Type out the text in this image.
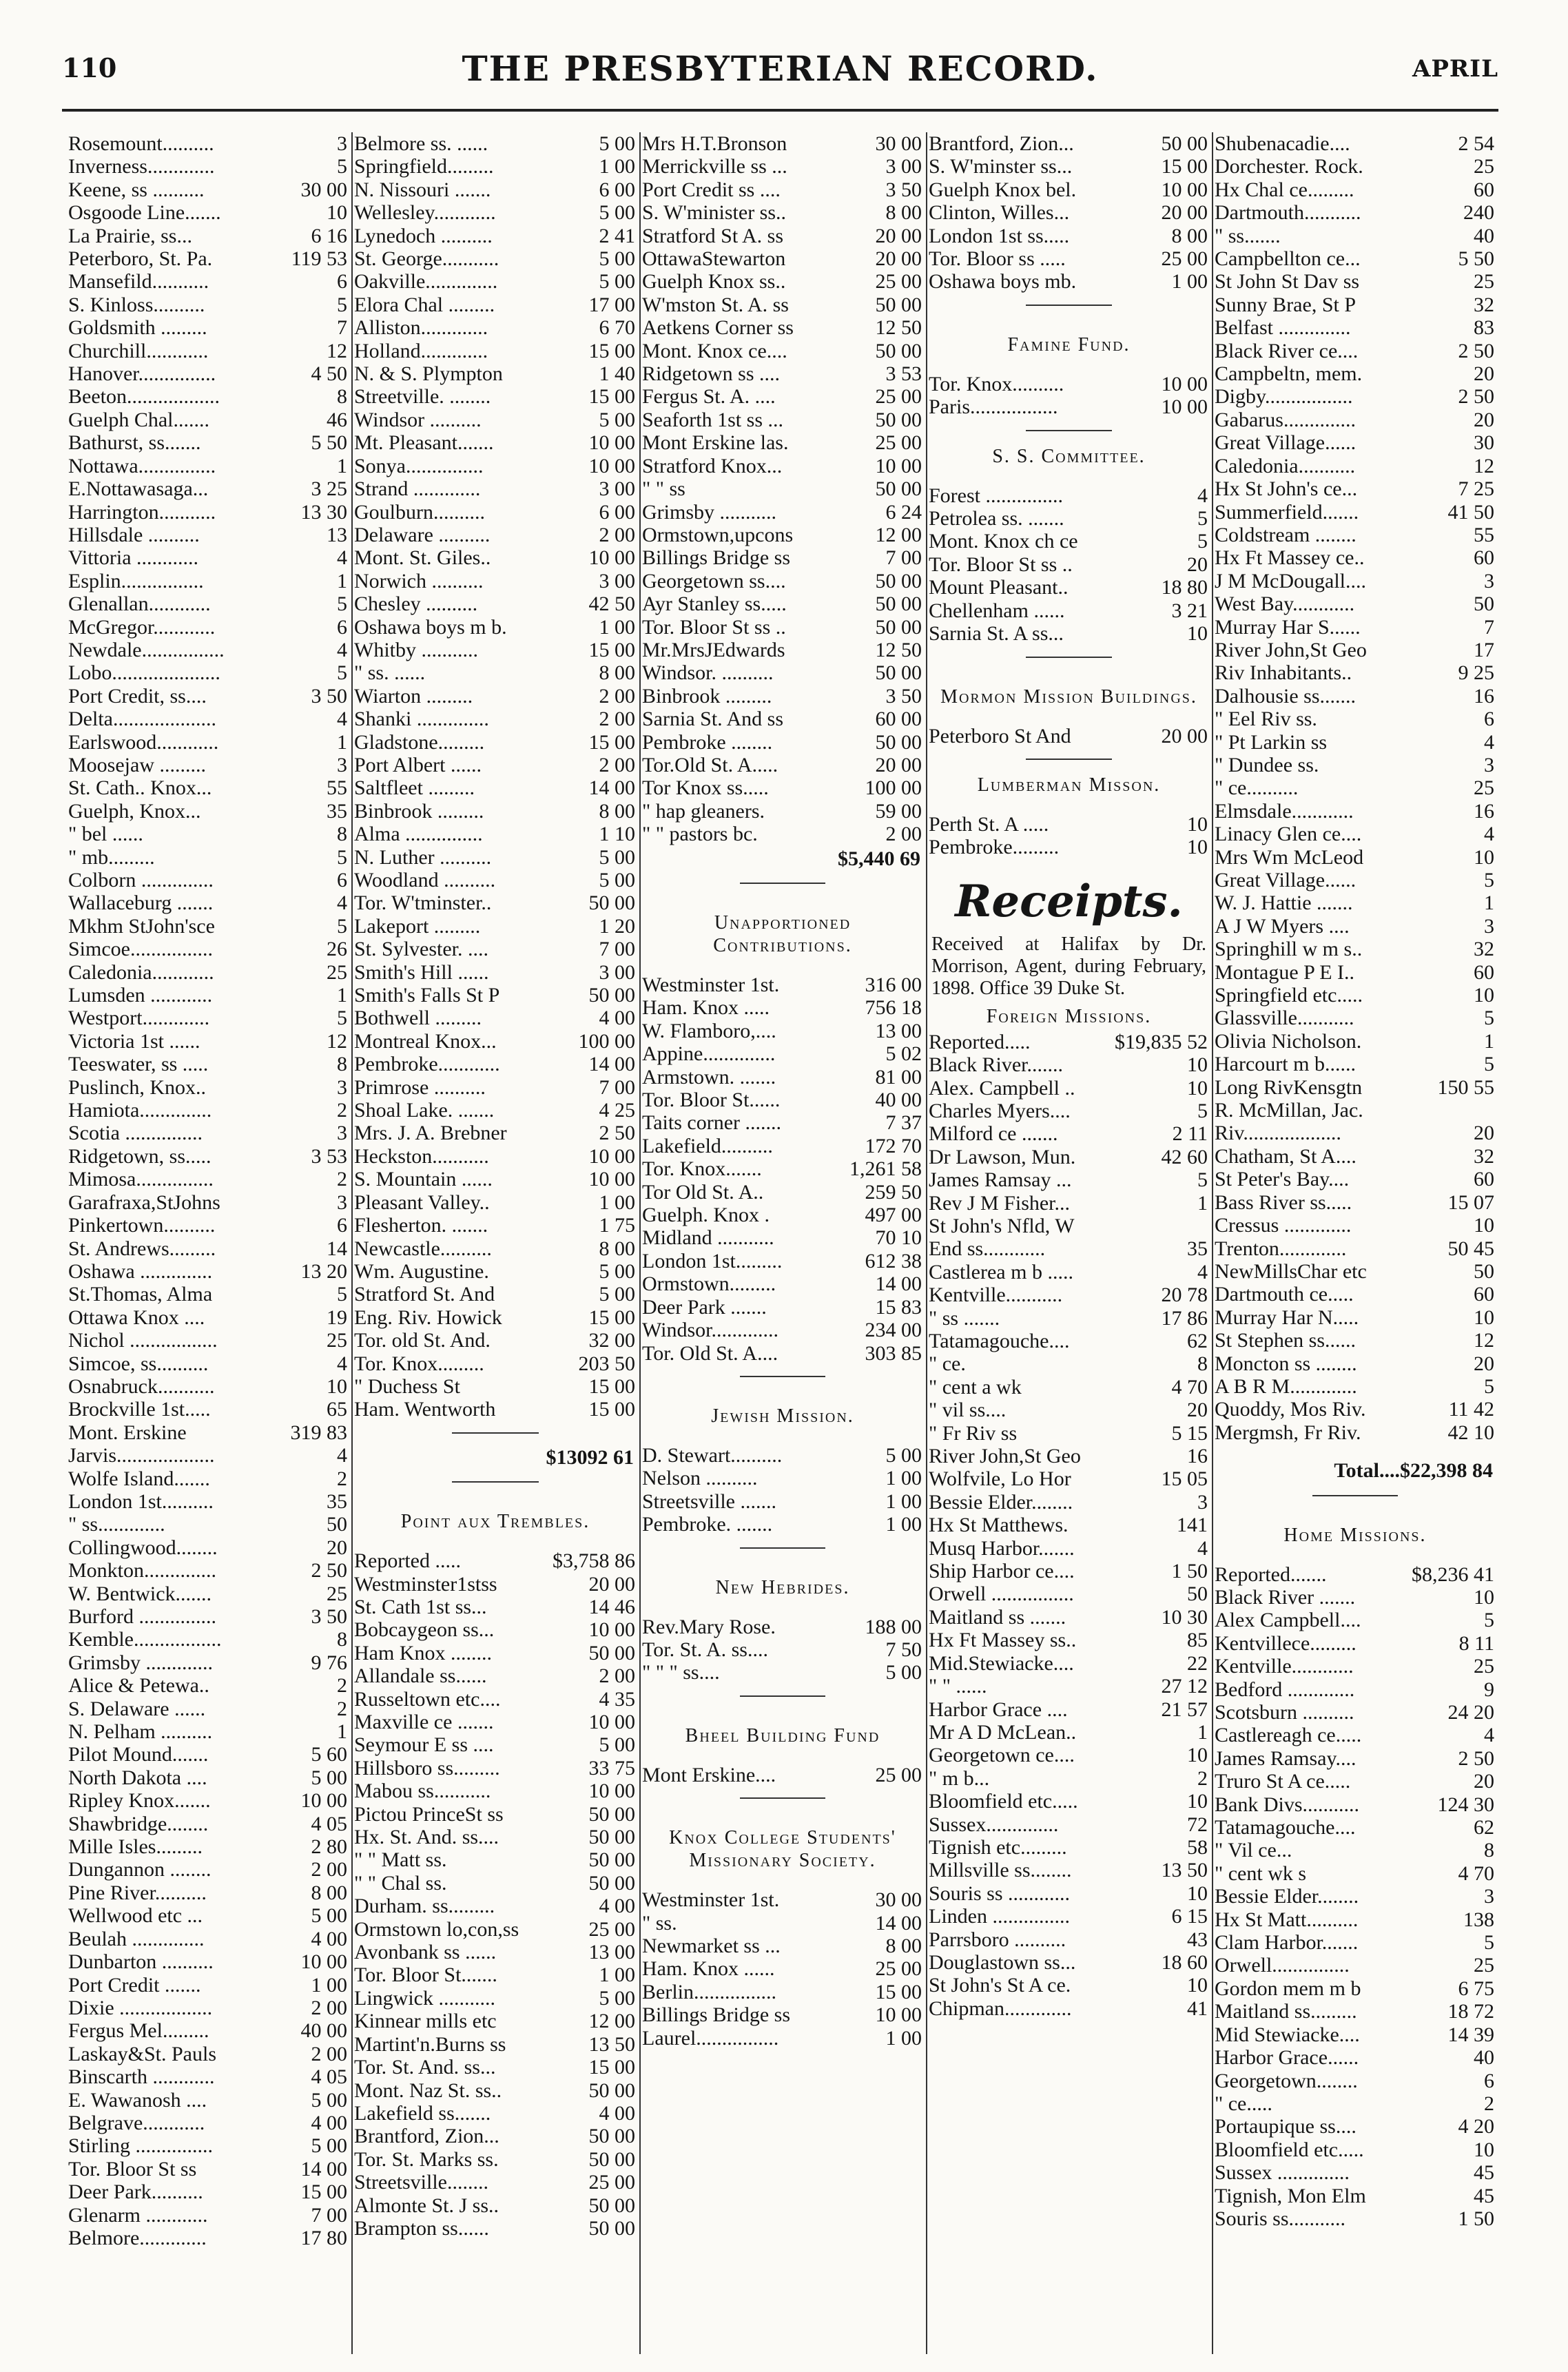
110	THE PRESBYTERIAN RECORD.	APRIL
Rosemount..........	3
Inverness.............	5
Keene, ss ..........	30 00
Osgoode Line.......	10
La Prairie, ss...	6 16
Peterboro, St. Pa.	119 53
Mansefild...........	6
S. Kinloss..........	5
Goldsmith .........	7
Churchill............	12
Hanover...............	4 50
Beeton..................	8
Guelph Chal.......	46
Bathurst, ss.......	5 50
Nottawa...............	1
E.Nottawasaga...	3 25
Harrington...........	13 30
Hillsdale ..........	13
Vittoria ............	4
Esplin................	1
Glenallan............	5
McGregor............	6
Newdale................	4
Lobo.....................	5
Port Credit, ss....	3 50
Delta....................	4
Earlswood............	1
Moosejaw .........	3
St. Cath.. Knox...	55
Guelph, Knox...	35
" bel ......	8
" mb.........	5
Colborn ..............	6
Wallaceburg .......	4
Mkhm StJohn'sce	5
Simcoe................	26
Caledonia............	25
Lumsden ............	1
Westport.............	5
Victoria 1st ......	12
Teeswater, ss .....	8
Puslinch, Knox..	3
Hamiota..............	2
Scotia ...............	3
Ridgetown, ss.....	3 53
Mimosa...............	2
Garafraxa,StJohns	3
Pinkertown..........	6
St. Andrews.........	14
Oshawa ..............	13 20
St.Thomas, Alma	5
Ottawa Knox ....	19
Nichol .................	25
Simcoe, ss..........	4
Osnabruck...........	10
Brockville 1st.....	65
Mont. Erskine	319 83
Jarvis...................	4
Wolfe Island.......	2
London 1st..........	35
" ss.............	50
Collingwood........	20
Monkton..............	2 50
W. Bentwick.......	25
Burford ...............	3 50
Kemble.................	8
Grimsby .............	9 76
Alice & Petewa..	2
S. Delaware ......	2
N. Pelham ..........	1
Pilot Mound.......	5 60
North Dakota ....	5 00
Ripley Knox.......	10 00
Shawbridge........	4 05
Mille Isles.........	2 80
Dungannon ........	2 00
Pine River..........	8 00
Wellwood etc ...	5 00
Beulah ..............	4 00
Dunbarton ..........	10 00
Port Credit .......	1 00
Dixie ..................	2 00
Fergus Mel.........	40 00
Laskay&St. Pauls	2 00
Binscarth ............	4 05
E. Wawanosh ....	5 00
Belgrave............	4 00
Stirling ...............	5 00
Tor. Bloor St ss	14 00
Deer Park..........	15 00
Glenarm ............	7 00
Belmore.............	17 80
Belmore ss. ......	5 00
Springfield.........	1 00
N. Nissouri .......	6 00
Wellesley............	5 00
Lynedoch ..........	2 41
St. George...........	5 00
Oakville..............	5 00
Elora Chal .........	17 00
Alliston.............	6 70
Holland.............	15 00
N. & S. Plympton	1 40
Streetville. ........	15 00
Windsor ..........	5 00
Mt. Pleasant.......	10 00
Sonya...............	10 00
Strand .............	3 00
Goulburn..........	6 00
Delaware ..........	2 00
Mont. St. Giles..	10 00
Norwich ..........	3 00
Chesley ..........	42 50
Oshawa boys m b.	1 00
Whitby ...........	15 00
" ss. ......	8 00
Wiarton .........	2 00
Shanki ..............	2 00
Gladstone.........	15 00
Port Albert ......	2 00
Saltfleet .........	14 00
Binbrook .........	8 00
Alma ...............	1 10
N. Luther ..........	5 00
Woodland ..........	5 00
Tor. W'tminster..	50 00
Lakeport .........	1 20
St. Sylvester. ....	7 00
Smith's Hill ......	3 00
Smith's Falls St P	50 00
Bothwell .........	4 00
Montreal Knox...	100 00
Pembroke............	14 00
Primrose ..........	7 00
Shoal Lake. .......	4 25
Mrs. J. A. Brebner	2 50
Heckston...........	10 00
S. Mountain ......	10 00
Pleasant Valley..	1 00
Flesherton. .......	1 75
Newcastle..........	8 00
Wm. Augustine.	5 00
Stratford St. And	5 00
Eng. Riv. Howick	15 00
Tor. old St. And.	32 00
Tor. Knox.........	203 50
" Duchess St	15 00
Ham. Wentworth	15 00
$13092 61
Point aux Trembles.
Reported .....	$3,758 86
Westminster1stss	20 00
St. Cath 1st ss...	14 46
Bobcaygeon ss...	10 00
Ham Knox ........	50 00
Allandale ss......	2 00
Russeltown etc....	4 35
Maxville ce .......	10 00
Seymour E ss ....	5 00
Hillsboro ss.........	33 75
Mabou ss...........	10 00
Pictou PrinceSt ss	50 00
Hx. St. And. ss....	50 00
" " Matt ss.	50 00
" " Chal ss.	50 00
Durham. ss.........	4 00
Ormstown lo,con,ss	25 00
Avonbank ss ......	13 00
Tor. Bloor St.......	1 00
Lingwick ...........	5 00
Kinnear mills etc	12 00
Martint'n.Burns ss	13 50
Tor. St. And. ss...	15 00
Mont. Naz St. ss..	50 00
Lakefield ss.......	4 00
Brantford, Zion...	50 00
Tor. St. Marks ss.	50 00
Streetsville........	25 00
Almonte St. J ss..	50 00
Brampton ss......	50 00
Mrs H.T.Bronson	30 00
Merrickville ss ...	3 00
Port Credit ss ....	3 50
S. W'minister ss..	8 00
Stratford St A. ss	20 00
OttawaStewarton	20 00
Guelph Knox ss..	25 00
W'mston St. A. ss	50 00
Aetkens Corner ss	12 50
Mont. Knox ce....	50 00
Ridgetown ss ....	3 53
Fergus St. A. ....	25 00
Seaforth 1st ss ...	50 00
Mont Erskine las.	25 00
Stratford Knox...	10 00
" " ss	50 00
Grimsby ...........	6 24
Ormstown,upcons	12 00
Billings Bridge ss	7 00
Georgetown ss....	50 00
Ayr Stanley ss.....	50 00
Tor. Bloor St ss ..	50 00
Mr.MrsJEdwards	12 50
Windsor. ..........	50 00
Binbrook .........	3 50
Sarnia St. And ss	60 00
Pembroke ........	50 00
Tor.Old St. A.....	20 00
Tor Knox ss.....	100 00
" hap gleaners.	59 00
" " pastors bc.	2 00
$5,440 69
Unapportioned Contributions.
Westminster 1st.	316 00
Ham. Knox .....	756 18
W. Flamboro,....	13 00
Appine..............	5 02
Armstown. .......	81 00
Tor. Bloor St......	40 00
Taits corner .......	7 37
Lakefield..........	172 70
Tor. Knox.......	1,261 58
Tor Old St. A..	259 50
Guelph. Knox .	497 00
Midland ...........	70 10
London 1st.........	612 38
Ormstown.........	14 00
Deer Park .......	15 83
Windsor.............	234 00
Tor. Old St. A....	303 85
Jewish Mission.
D. Stewart..........	5 00
Nelson ..........	1 00
Streetsville .......	1 00
Pembroke. .......	1 00
New Hebrides.
Rev.Mary Rose.	188 00
Tor. St. A. ss....	7 50
" " " ss....	5 00
Bheel Building Fund
Mont Erskine....	25 00
Knox College Students' Missionary Society.
Westminster 1st.	30 00
" ss.	14 00
Newmarket ss ...	8 00
Ham. Knox ......	25 00
Berlin................	15 00
Billings Bridge ss	10 00
Laurel................	1 00
Brantford, Zion...	50 00
S. W'minster ss...	15 00
Guelph Knox bel.	10 00
Clinton, Willes...	20 00
London 1st ss.....	8 00
Tor. Bloor ss .....	25 00
Oshawa boys mb.	1 00
Famine Fund.
Tor. Knox..........	10 00
Paris.................	10 00
S. S. Committee.
Forest ...............	4
Petrolea ss. .......	5
Mont. Knox ch ce	5
Tor. Bloor St ss ..	20
Mount Pleasant..	18 80
Chellenham ......	3 21
Sarnia St. A ss...	10
Mormon Mission Buildings.
Peterboro St And	20 00
Lumberman Misson.
Perth St. A .....	10
Pembroke.........	10
Receipts.
Received at Halifax by Dr. Morrison, Agent, during February, 1898. Office 39 Duke St.
Foreign Missions.
Reported.....	$19,835 52
Black River.......	10
Alex. Campbell ..	10
Charles Myers....	5
Milford ce .......	2 11
Dr Lawson, Mun.	42 60
James Ramsay ...	5
Rev J M Fisher...	1
St John's Nfld, W
End ss............	35
Castlerea m b .....	4
Kentville...........	20 78
" ss .......	17 86
Tatamagouche....	62
" ce.	8
" cent a wk	4 70
" vil ss....	20
" Fr Riv ss	5 15
River John,St Geo	16
Wolfvile, Lo Hor	15 05
Bessie Elder........	3
Hx St Matthews.	141
Musq Harbor.......	4
Ship Harbor ce....	1 50
Orwell ................	50
Maitland ss .......	10 30
Hx Ft Massey ss..	85
Mid.Stewiacke....	22
" " ......	27 12
Harbor Grace ....	21 57
Mr A D McLean..	1
Georgetown ce....	10
" m b...	2
Bloomfield etc.....	10
Sussex..............	72
Tignish etc.........	58
Millsville ss........	13 50
Souris ss ............	10
Linden ...............	6 15
Parrsboro ..........	43
Douglastown ss...	18 60
St John's St A ce.	10
Chipman.............	41
Shubenacadie....	2 54
Dorchester. Rock.	25
Hx Chal ce.........	60
Dartmouth...........	240
" ss.......	40
Campbellton ce...	5 50
St John St Dav ss	25
Sunny Brae, St P	32
Belfast ..............	83
Black River ce....	2 50
Campbeltn, mem.	20
Digby.................	2 50
Gabarus..............	20
Great Village......	30
Caledonia...........	12
Hx St John's ce...	7 25
Summerfield.......	41 50
Coldstream ........	55
Hx Ft Massey ce..	60
J M McDougall....	3
West Bay............	50
Murray Har S......	7
River John,St Geo	17
Riv Inhabitants..	9 25
Dalhousie ss.......	16
" Eel Riv ss.	6
" Pt Larkin ss	4
" Dundee ss.	3
" ce..........	25
Elmsdale............	16
Linacy Glen ce....	4
Mrs Wm McLeod	10
Great Village......	5
W. J. Hattie .......	1
A J W Myers ....	3
Springhill w m s..	32
Montague P E I..	60
Springfield etc.....	10
Glassville...........	5
Olivia Nicholson.	1
Harcourt m b......	5
Long RivKensgtn	150 55
R. McMillan, Jac.
Riv...................	20
Chatham, St A....	32
St Peter's Bay....	60
Bass River ss.....	15 07
Cressus .............	10
Trenton.............	50 45
NewMillsChar etc	50
Dartmouth ce.....	60
Murray Har N.....	10
St Stephen ss......	12
Moncton ss ........	20
A B R M.............	5
Quoddy, Mos Riv.	11 42
Mergmsh, Fr Riv.	42 10
Total....$22,398 84
Home Missions.
Reported.......	$8,236 41
Black River .......	10
Alex Campbell....	5
Kentvillece.........	8 11
Kentville............	25
Bedford .............	9
Scotsburn ..........	24 20
Castlereagh ce.....	4
James Ramsay....	2 50
Truro St A ce.....	20
Bank Divs...........	124 30
Tatamagouche....	62
" Vil ce...	8
" cent wk s	4 70
Bessie Elder........	3
Hx St Matt..........	138
Clam Harbor.......	5
Orwell...............	25
Gordon mem m b	6 75
Maitland ss.........	18 72
Mid Stewiacke....	14 39
Harbor Grace......	40
Georgetown........	6
" ce.....	2
Portaupique ss....	4 20
Bloomfield etc.....	10
Sussex ..............	45
Tignish, Mon Elm	45
Souris ss...........	1 50
